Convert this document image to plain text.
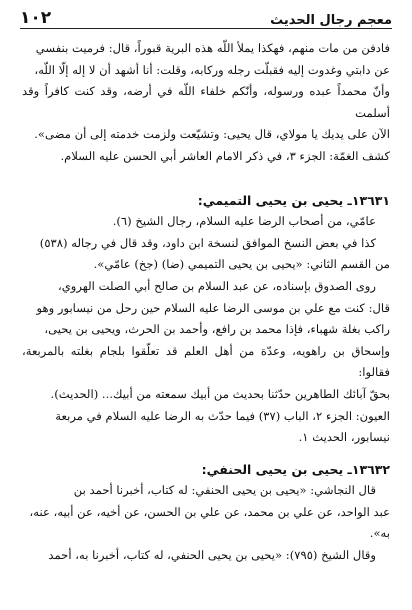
١٠٢	معجم رجال الحديث

فادفن من مات منهم، فهكذا يملأ اللّه هذه البرية قبوراً، قال: فرميت بنفسي

عن دابتي وغدوت إليه فقبلّت رجله وركابه، وقلت: أنا أشهد أن لا إله إلّا اللّه،

وأنّ محمداً عبده ورسوله، وأنّكم خلفاء اللّه في أرضه، وقد كنت كافراً وقد أسلمت

الآن على يديك يا مولاي، قال يحيى: وتشيّعت ولزمت خدمته إلى أن مضى».

كشف الغمّة: الجزء ٣، في ذكر الامام العاشر أبي الحسن عليه السلام.

١٣٦٣١ـ يحيى بن يحيى التميمي:

عامّي، من أصحاب الرضا عليه السلام، رجال الشيخ (٦).

كذا في بعض النسخ الموافق لنسخة ابن داود، وقد قال في رجاله (٥٣٨)

من القسم الثاني: «يحيى بن يحيى التميمي (ضا) (جخ) عامّي».

روى الصدوق بإسناده، عن عبد السلام بن صالح أبي الصلت الهروي،

قال: كنت مع علي بن موسى الرضا عليه السلام حين رحل من نيسابور وهو

راكب بغلة شهباء، فإذا محمد بن رافع، وأحمد بن الحرث، ويحيى بن يحيى،

وإسحاق بن راهويه، وعدّة من أهل العلم قد تعلّقوا بلجام بغلته بالمربعة، فقالوا:

بحقّ آبائك الطاهرين حدّثنا بحديث من أبيك سمعته من أبيك... (الحديث).

العيون: الجزء ٢، الباب (٣٧) فيما حدّث به الرضا عليه السلام في مربعة

نيسابور، الحديث ١.

١٣٦٣٢ـ يحيى بن يحيى الحنفي:

قال النجاشي: «يحيى بن يحيى الحنفي: له كتاب، أخبرنا أحمد بن

عبد الواحد، عن علي بن محمد، عن علي بن الحسن، عن أخيه، عن أبيه، عنه،

به».

وقال الشيخ (٧٩٥): «يحيى بن يحيى الحنفي، له كتاب، أخبرنا به، أحمد
